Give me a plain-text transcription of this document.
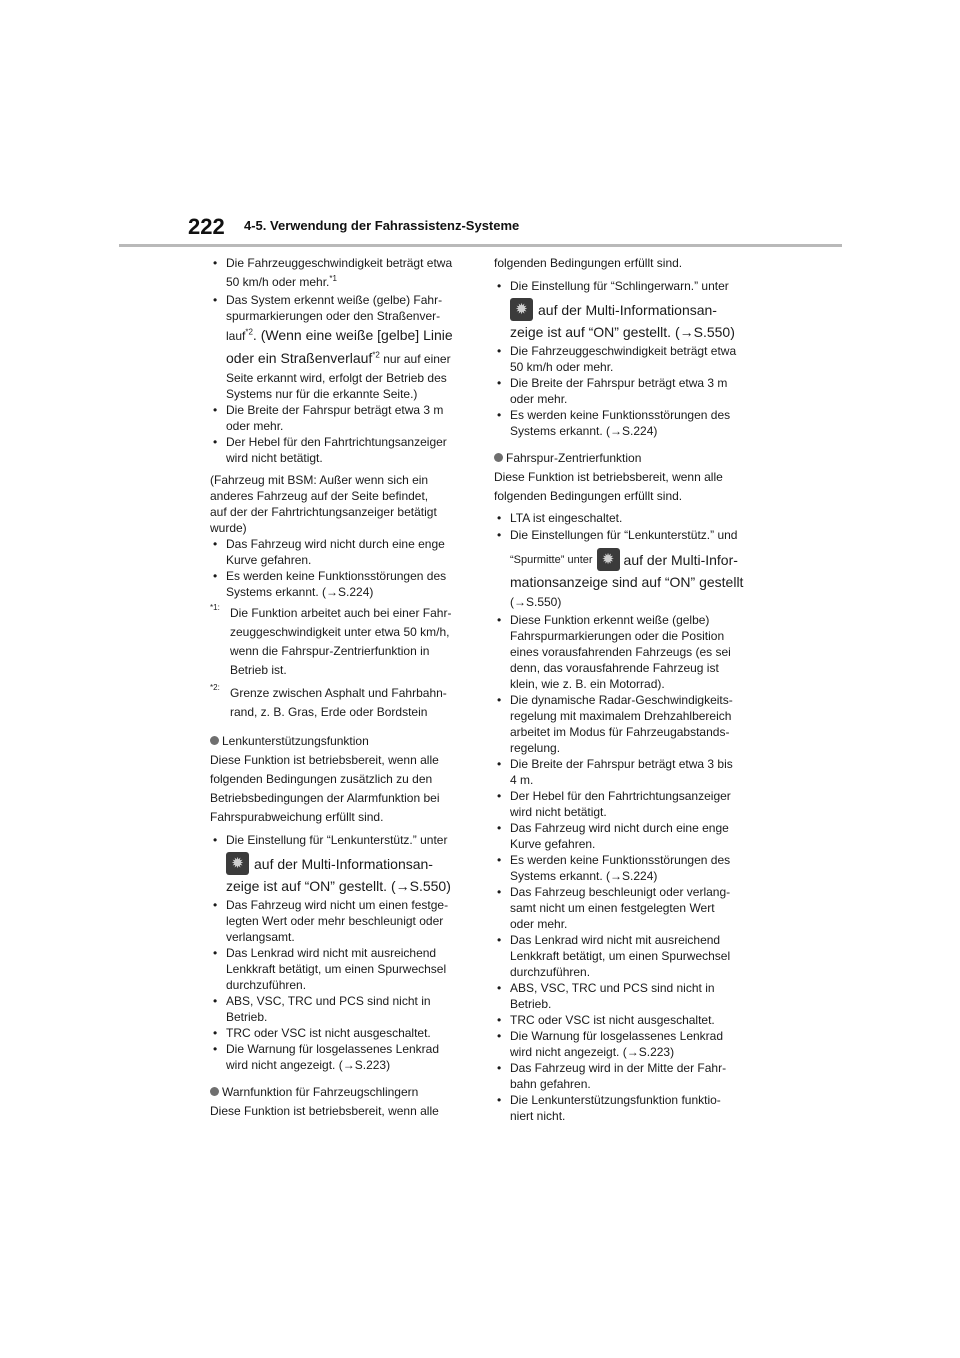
222 4-5. Verwendung der Fahrassistenz-Systeme
• Die Fahrzeuggeschwindigkeit beträgt etwa
50 km/h oder mehr.$^{*1}$
• Das System erkennt weiße (gelbe) Fahr-
spurmarkierungen oder den Straßenver-
lauf$^{*2}$. (Wenn eine weiße [gelbe] Linie
oder ein Straßenverlauf$^{*2}$ nur auf einer
Seite erkannt wird, erfolgt der Betrieb des
Systems nur für die erkannte Seite.)
• Die Breite der Fahrspur beträgt etwa 3 m
oder mehr.
• Der Hebel für den Fahrtrichtungsanzeiger
wird nicht betätigt.
(Fahrzeug mit BSM: Außer wenn sich ein
anderes Fahrzeug auf der Seite befindet,
auf der der Fahrtrichtungsanzeiger betätigt
wurde)
• Das Fahrzeug wird nicht durch eine enge
Kurve gefahren.
• Es werden keine Funktionsstörungen des
Systems erkannt. (→S.224)
*1: Die Funktion arbeitet auch bei einer Fahr-
zeuggeschwindigkeit unter etwa 50 km/h,
wenn die Fahrspur-Zentrierfunktion in
Betrieb ist.
*2: Grenze zwischen Asphalt und Fahrbahn-
rand, z. B. Gras, Erde oder Bordstein
Lenkunterstützungsfunktion
Diese Funktion ist betriebsbereit, wenn alle
folgenden Bedingungen zusätzlich zu den
Betriebsbedingungen der Alarmfunktion bei
Fahrspurabweichung erfüllt sind.
• Die Einstellung für “Lenkunterstütz.” unter
✹ auf der Multi-Informationsan-
zeige ist auf “ON” gestellt. (→S.550)
• Das Fahrzeug wird nicht um einen festge-
legten Wert oder mehr beschleunigt oder
verlangsamt.
• Das Lenkrad wird nicht mit ausreichend
Lenkkraft betätigt, um einen Spurwechsel
durchzuführen.
• ABS, VSC, TRC und PCS sind nicht in
Betrieb.
• TRC oder VSC ist nicht ausgeschaltet.
• Die Warnung für losgelassenes Lenkrad
wird nicht angezeigt. (→S.223)
Warnfunktion für Fahrzeugschlingern
Diese Funktion ist betriebsbereit, wenn alle
folgenden Bedingungen erfüllt sind.
• Die Einstellung für “Schlingerwarn.” unter
✹ auf der Multi-Informationsan-
zeige ist auf “ON” gestellt. (→S.550)
• Die Fahrzeuggeschwindigkeit beträgt etwa
50 km/h oder mehr.
• Die Breite der Fahrspur beträgt etwa 3 m
oder mehr.
• Es werden keine Funktionsstörungen des
Systems erkannt. (→S.224)
Fahrspur-Zentrierfunktion
Diese Funktion ist betriebsbereit, wenn alle
folgenden Bedingungen erfüllt sind.
• LTA ist eingeschaltet.
• Die Einstellungen für “Lenkunterstütz.” und
“Spurmitte” unter ✹ auf der Multi-Infor-
mationsanzeige sind auf “ON” gestellt
(→S.550)
• Diese Funktion erkennt weiße (gelbe)
Fahrspurmarkierungen oder die Position
eines vorausfahrenden Fahrzeugs (es sei
denn, das vorausfahrende Fahrzeug ist
klein, wie z. B. ein Motorrad).
• Die dynamische Radar-Geschwindigkeits-
regelung mit maximalem Drehzahlbereich
arbeitet im Modus für Fahrzeugabstands-
regelung.
• Die Breite der Fahrspur beträgt etwa 3 bis
4 m.
• Der Hebel für den Fahrtrichtungsanzeiger
wird nicht betätigt.
• Das Fahrzeug wird nicht durch eine enge
Kurve gefahren.
• Es werden keine Funktionsstörungen des
Systems erkannt. (→S.224)
• Das Fahrzeug beschleunigt oder verlang-
samt nicht um einen festgelegten Wert
oder mehr.
• Das Lenkrad wird nicht mit ausreichend
Lenkkraft betätigt, um einen Spurwechsel
durchzuführen.
• ABS, VSC, TRC und PCS sind nicht in
Betrieb.
• TRC oder VSC ist nicht ausgeschaltet.
• Die Warnung für losgelassenes Lenkrad
wird nicht angezeigt. (→S.223)
• Das Fahrzeug wird in der Mitte der Fahr-
bahn gefahren.
• Die Lenkunterstützungsfunktion funktio-
niert nicht.
